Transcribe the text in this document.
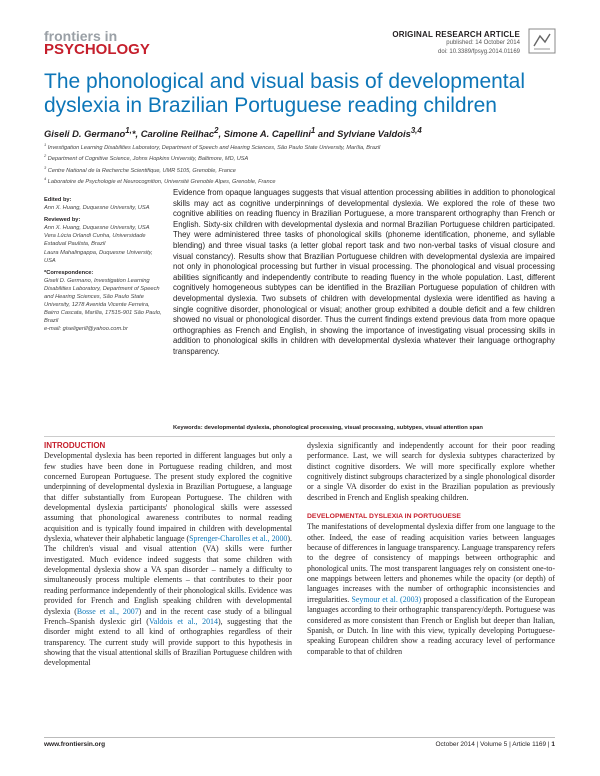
frontiers in
PSYCHOLOGY
ORIGINAL RESEARCH ARTICLE
published: 14 October 2014
doi: 10.3389/fpsyg.2014.01169
The phonological and visual basis of developmental dyslexia in Brazilian Portuguese reading children
Giseli D. Germano$^{1,}$*, Caroline Reilhac$^2$, Simone A. Capellini$^1$ and Sylviane Valdois$^{3,4}$
$^1$ Investigation Learning Disabilities Laboratory, Department of Speech and Hearing Sciences, São Paulo State University, Marília, Brazil
$^2$ Department of Cognitive Science, Johns Hopkins University, Baltimore, MD, USA
$^3$ Centre National de la Recherche Scientifique, UMR 5105, Grenoble, France
$^4$ Laboratoire de Psychologie et Neurocognition, Université Grenoble Alpes, Grenoble, France
Edited by:
Ann X. Huang, Duquesne University, USA
Reviewed by:
Ann X. Huang, Duquesne University, USA
Vera Lúcia Orlandi Cunha, Universidade Estadual Paulista, Brazil
Laura Mahalingappa, Duquesne University, USA
*Correspondence:
Giseli D. Germano, Investigation Learning Disabilities Laboratory, Department of Speech and Hearing Sciences, São Paulo State University, 1278 Avenida Vicente Ferreira, Bairro Cascata, Marília, 17515-901 São Paulo, Brazil
e-mail: giseligerill@yahoo.com.br

Evidence from opaque languages suggests that visual attention processing abilities in addition to phonological skills may act as cognitive underpinnings of developmental dyslexia. We explored the role of these two cognitive abilities on reading fluency in Brazilian Portuguese, a more transparent orthography than French or English. Sixty-six children with developmental dyslexia and normal Brazilian Portuguese children participated. They were administered three tasks of phonological skills (phoneme identification, phoneme, and syllable blending) and three visual tasks (a letter global report task and two non-verbal tasks of visual closure and visual constancy). Results show that Brazilian Portuguese children with developmental dyslexia are impaired not only in phonological processing but further in visual processing. The phonological and visual processing abilities significantly and independently contribute to reading fluency in the whole population. Last, different cognitively homogeneous subtypes can be identified in the Brazilian Portuguese population of children with developmental dyslexia. Two subsets of children with developmental dyslexia were identified as having a single cognitive disorder, phonological or visual; another group exhibited a double deficit and a few children showed no visual or phonological disorder. Thus the current findings extend previous data from more opaque orthographies as French and English, in showing the importance of investigating visual processing skills in addition to phonological skills in children with developmental dyslexia whatever their language orthography transparency.

Keywords: developmental dyslexia, phonological processing, visual processing, subtypes, visual attention span
INTRODUCTION

Developmental dyslexia has been reported in different languages but only a few studies have been done in Portuguese reading children, and most concerned European Portuguese. The present study explored the cognitive underpinning of developmental dyslexia in Brazilian Portuguese, a language that differ substantially from European Portuguese. The children with developmental dyslexia participants' phonological skills were assessed assuming that phonological awareness contributes to normal reading acquisition and is typically found impaired in children with developmental dyslexia, whatever their alphabetic language (Sprenger-Charolles et al., 2000). The children's visual and visual attention (VA) skills were further investigated. Much evidence indeed suggests that some children with developmental dyslexia show a VA span disorder – namely a difficulty to simultaneously process multiple elements – that contributes to their poor reading performance independently of their phonological skills. Evidence was provided for French and English speaking children with developmental dyslexia (Bosse et al., 2007) and in the recent case study of a bilingual French–Spanish dyslexic girl (Valdois et al., 2014), suggesting that the disorder might extend to all kind of orthographies regardless of their transparency. The current study will provide support to this hypothesis in showing that the visual attentional skills of Brazilian Portuguese children with developmental

dyslexia significantly and independently account for their poor reading performance. Last, we will search for dyslexia subtypes characterized by distinct cognitive disorders. We will more specifically explore whether cognitively distinct subgroups characterized by a single phonological disorder or a single VA disorder do exist in the Brazilian population as previously described in French and English speaking children.

DEVELOPMENTAL DYSLEXIA IN PORTUGUESE

The manifestations of developmental dyslexia differ from one language to the other. Indeed, the ease of reading acquisition varies between languages because of differences in language transparency. Language transparency refers to the degree of consistency of mappings between orthographic and phonological units. The most transparent languages rely on consistent one-to-one mappings between letters and phonemes while the opacity (or depth) of languages increases with the number of orthographic inconsistencies and irregularities. Seymour et al. (2003) proposed a classification of the European languages according to their orthographic transparency/depth. Portuguese was considered as more consistent than French or English but deeper than Italian, Spanish, or Dutch. In line with this view, typically developing Portuguese-speaking European children show a reading accuracy level of performance comparable to that of children

www.frontiersin.org	October 2014 | Volume 5 | Article 1169 | 1
